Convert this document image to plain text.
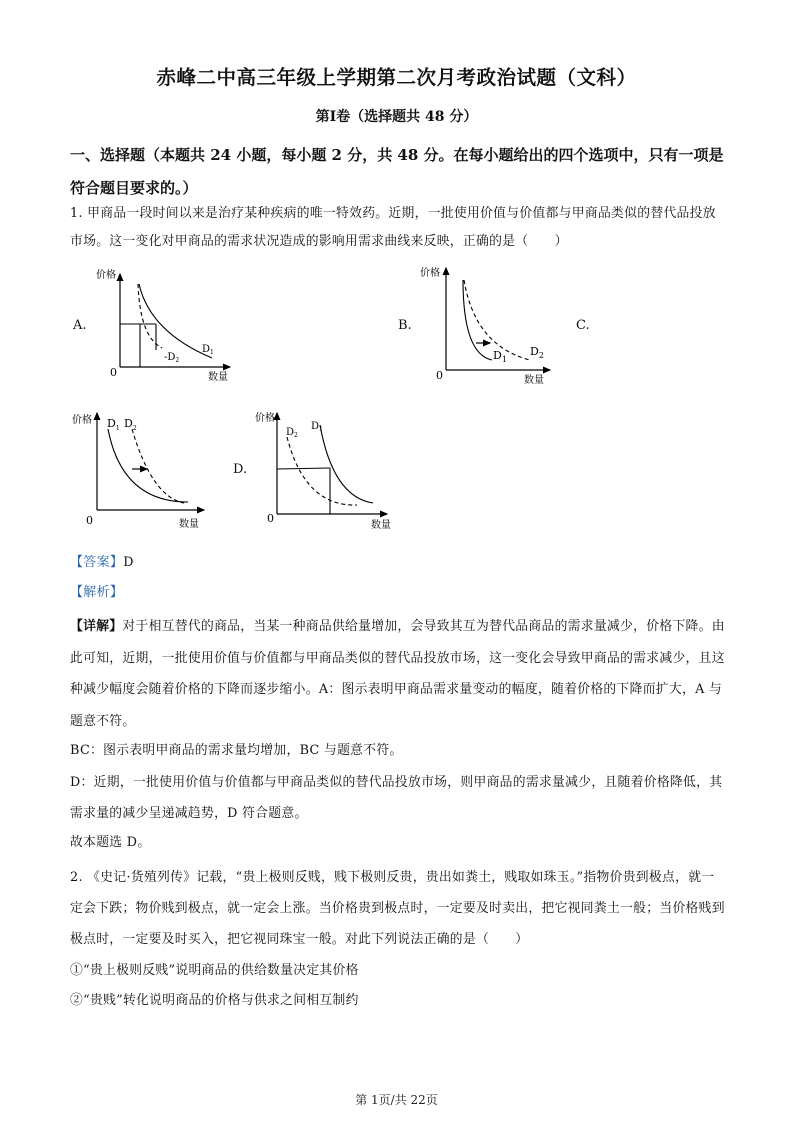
赤峰二中高三年级上学期第二次月考政治试题（文科）
第Ⅰ卷（选择题共 48 分）
一、选择题（本题共 24 小题，每小题 2 分，共 48 分。在每小题给出的四个选项中，只有一项是符合题目要求的。）
1. 甲商品一段时间以来是治疗某种疾病的唯一特效药。近期，一批使用价值与价值都与甲商品类似的替代品投放市场。这一变化对甲商品的需求状况造成的影响用需求曲线来反映，正确的是（　　）
A.
价格
数量
0
$D_1$
$-D_2$
B.
价格
数量
0
$D_1$
$D_2$
C.
价格
数量
0
$D_1$ $D_2$
D.
价格
数量
0
$D_1$
$D_2$
【答案】D
【解析】
【详解】对于相互替代的商品，当某一种商品供给量增加，会导致其互为替代品商品的需求量减少，价格下降。由此可知，近期，一批使用价值与价值都与甲商品类似的替代品投放市场，这一变化会导致甲商品的需求减少，且这种减少幅度会随着价格的下降而逐步缩小。A：图示表明甲商品需求量变动的幅度，随着价格的下降而扩大，A 与题意不符。
BC：图示表明甲商品的需求量均增加，BC 与题意不符。
D：近期，一批使用价值与价值都与甲商品类似的替代品投放市场，则甲商品的需求量减少，且随着价格降低，其需求量的减少呈递减趋势，D 符合题意。
故本题选 D。
2. 《史记·货殖列传》记载，“贵上极则反贱，贱下极则反贵，贵出如粪土，贱取如珠玉。”指物价贵到极点，就一定会下跌；物价贱到极点，就一定会上涨。当价格贵到极点时，一定要及时卖出，把它视同粪土一般；当价格贱到极点时，一定要及时买入，把它视同珠宝一般。对此下列说法正确的是（　　）
①“贵上极则反贱”说明商品的供给数量决定其价格
②“贵贱”转化说明商品的价格与供求之间相互制约
第 1页/共 22页
